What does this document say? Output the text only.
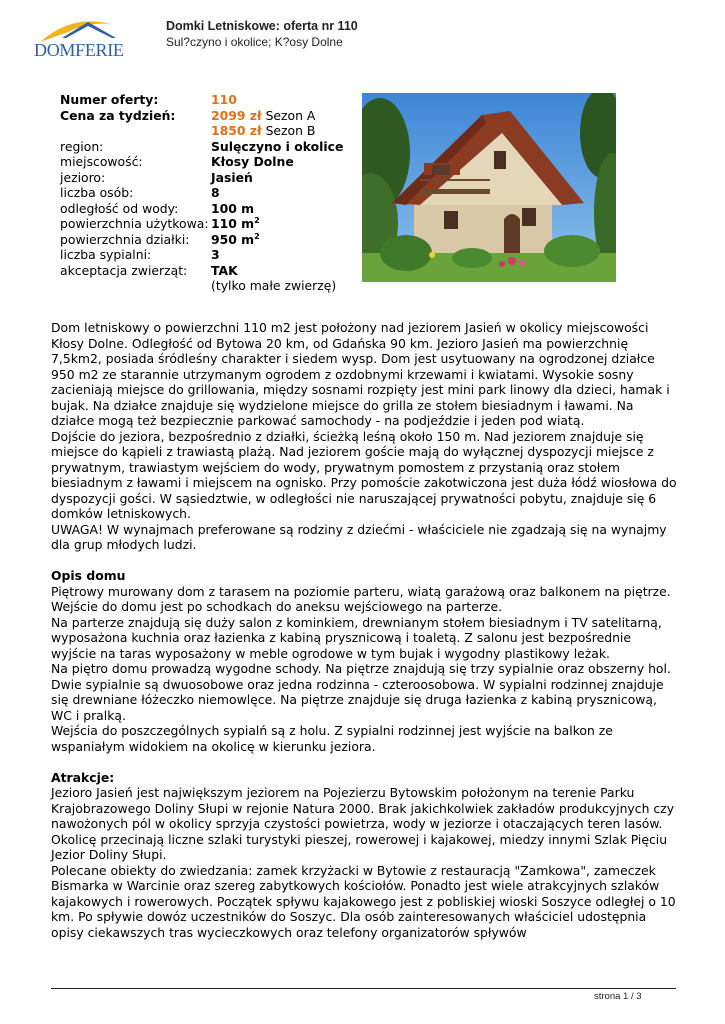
DOMFERIE
Domki Letniskowe: oferta nr 110
Sul?czyno i okolice; K?osy Dolne
Numer oferty:	110
Cena za tydzień:	2099 zł Sezon A
1850 zł Sezon B
region:	Sulęczyno i okolice
miejscowość:	Kłosy Dolne
jezioro:	Jasień
liczba osób:	8
odległość od wody:	100 m
powierzchnia użytkowa: 110 $m^2$
powierzchnia działki:	950 $m^2$
liczba sypialni:	3
akceptacja zwierząt:	TAK
(tylko małe zwierzę)

Dom letniskowy o powierzchni 110 m2 jest położony nad jeziorem Jasień w okolicy miejscowości Kłosy Dolne. Odległość od Bytowa 20 km, od Gdańska 90 km. Jezioro Jasień ma powierzchnię 7,5km2, posiada śródleśny charakter i siedem wysp. Dom jest usytuowany na ogrodzonej działce 950 m2 ze starannie utrzymanym ogrodem z ozdobnymi krzewami i kwiatami. Wysokie sosny zacieniają miejsce do grillowania, między sosnami rozpięty jest mini park linowy dla dzieci, hamak i bujak. Na działce znajduje się wydzielone miejsce do grilla ze stołem biesiadnym i ławami. Na działce mogą też bezpiecznie parkować samochody - na podjeździe i jeden pod wiatą.

Dojście do jeziora, bezpośrednio z działki, ścieżką leśną około 150 m. Nad jeziorem znajduje się miejsce do kąpieli z trawiastą plażą. Nad jeziorem goście mają do wyłącznej dyspozycji miejsce z prywatnym, trawiastym wejściem do wody, prywatnym pomostem z przystanią oraz stołem biesiadnym z ławami i miejscem na ognisko. Przy pomoście zakotwiczona jest duża łódź wiosłowa do dyspozycji gości. W sąsiedztwie, w odległości nie naruszającej prywatności pobytu, znajduje się 6 domków letniskowych.

UWAGA! W wynajmach preferowane są rodziny z dziećmi - właściciele nie zgadzają się na wynajmy dla grup młodych ludzi.

Opis domu

Piętrowy murowany dom z tarasem na poziomie parteru, wiatą garażową oraz balkonem na piętrze. Wejście do domu jest po schodkach do aneksu wejściowego na parterze.

Na parterze znajdują się duży salon z kominkiem, drewnianym stołem biesiadnym i TV satelitarną, wyposażona kuchnia oraz łazienka z kabiną prysznicową i toaletą. Z salonu jest bezpośrednie wyjście na taras wyposażony w meble ogrodowe w tym bujak i wygodny plastikowy leżak.

Na piętro domu prowadzą wygodne schody. Na piętrze znajdują się trzy sypialnie oraz obszerny hol. Dwie sypialnie są dwuosobowe oraz jedna rodzinna - czteroosobowa. W sypialni rodzinnej znajduje się drewniane łóżeczko niemowlęce. Na piętrze znajduje się druga łazienka z kabiną prysznicową, WC i pralką.

Wejścia do poszczególnych sypialń są z holu. Z sypialni rodzinnej jest wyjście na balkon ze wspaniałym widokiem na okolicę w kierunku jeziora.

Atrakcje:

Jezioro Jasień jest największym jeziorem na Pojezierzu Bytowskim położonym na terenie Parku Krajobrazowego Doliny Słupi w rejonie Natura 2000. Brak jakichkolwiek zakładów produkcyjnych czy nawożonych pól w okolicy sprzyja czystości powietrza, wody w jeziorze i otaczających teren lasów. Okolicę przecinają liczne szlaki turystyki pieszej, rowerowej i kajakowej, miedzy innymi Szlak Pięciu Jezior Doliny Słupi.

Polecane obiekty do zwiedzania: zamek krzyżacki w Bytowie z restauracją "Zamkowa", zameczek Bismarka w Warcinie oraz szereg zabytkowych kościołów. Ponadto jest wiele atrakcyjnych szlaków kajakowych i rowerowych. Początek spływu kajakowego jest z pobliskiej wioski Soszyce odległej o 10 km. Po spływie dowóz uczestników do Soszyc. Dla osób zainteresowanych właściciel udostępnia opisy ciekawszych tras wycieczkowych oraz telefony organizatorów spływów

strona 1 / 3
